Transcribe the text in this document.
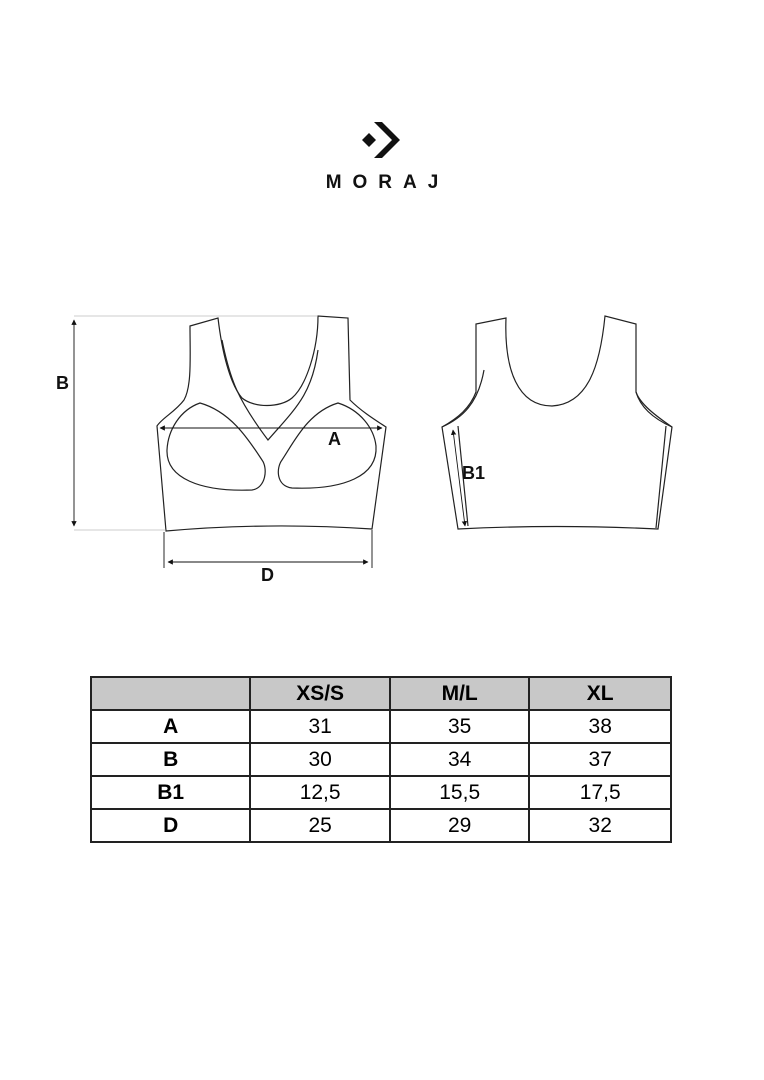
MORAJ
B
A
D
B1
	XS/S	M/L	XL
A	31	35	38
B	30	34	37
B1	12,5	15,5	17,5
D	25	29	32
